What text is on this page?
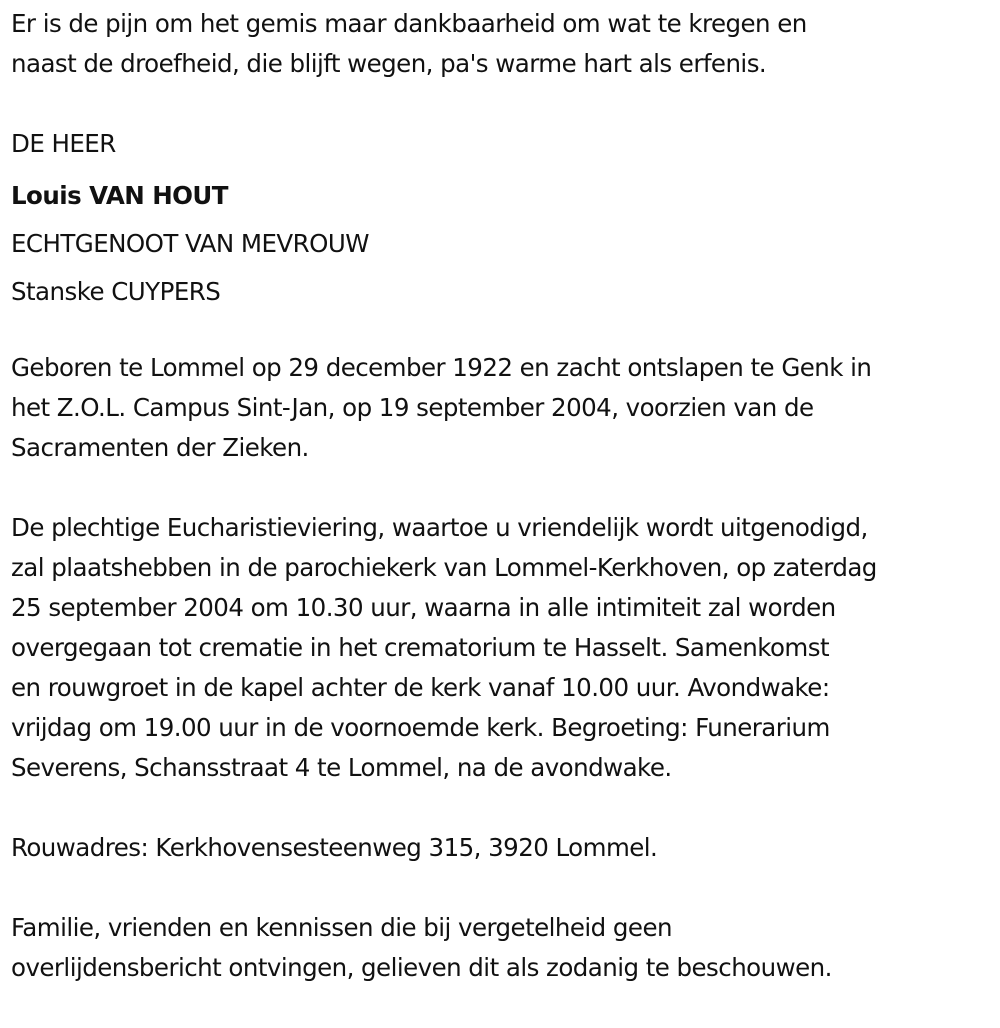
Er is de pijn om het gemis maar dankbaarheid om wat te kregen en
naast de droefheid, die blijft wegen, pa's warme hart als erfenis.
DE HEER
Louis VAN HOUT
ECHTGENOOT VAN MEVROUW
Stanske CUYPERS
Geboren te Lommel op 29 december 1922 en zacht ontslapen te Genk in
het Z.O.L. Campus Sint-Jan, op 19 september 2004, voorzien van de
Sacramenten der Zieken.
De plechtige Eucharistieviering, waartoe u vriendelijk wordt uitgenodigd,
zal plaatshebben in de parochiekerk van Lommel-Kerkhoven, op zaterdag
25 september 2004 om 10.30 uur, waarna in alle intimiteit zal worden
overgegaan tot crematie in het crematorium te Hasselt. Samenkomst
en rouwgroet in de kapel achter de kerk vanaf 10.00 uur. Avondwake:
vrijdag om 19.00 uur in de voornoemde kerk. Begroeting: Funerarium
Severens, Schansstraat 4 te Lommel, na de avondwake.
Rouwadres: Kerkhovensesteenweg 315, 3920 Lommel.
Familie, vrienden en kennissen die bij vergetelheid geen
overlijdensbericht ontvingen, gelieven dit als zodanig te beschouwen.
